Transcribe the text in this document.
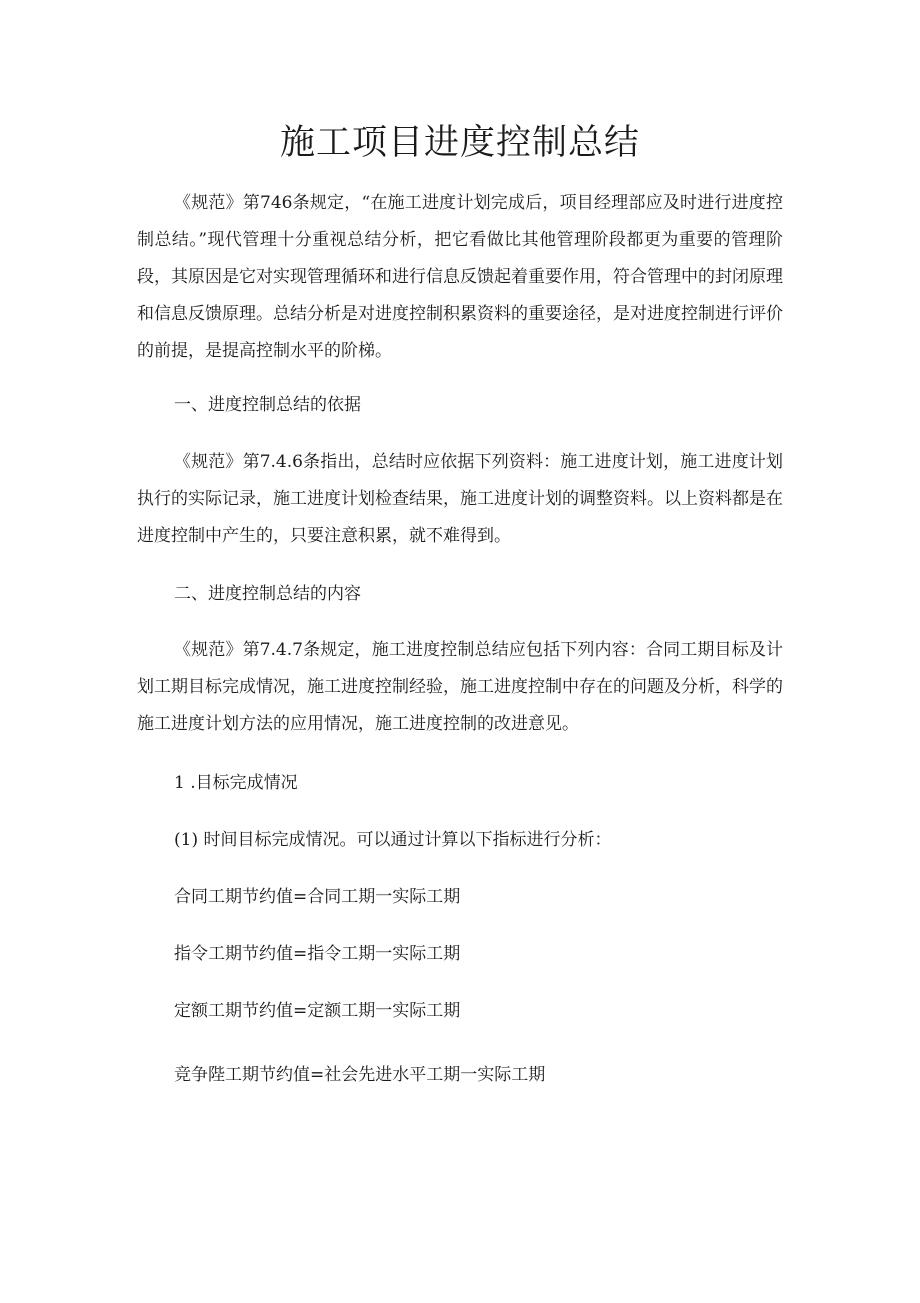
施工项目进度控制总结

《规范》第746条规定，“在施工进度计划完成后，项目经理部应及时进行进度控制总结。”现代管理十分重视总结分析，把它看做比其他管理阶段都更为重要的管理阶段，其原因是它对实现管理循环和进行信息反馈起着重要作用，符合管理中的封闭原理和信息反馈原理。总结分析是对进度控制积累资料的重要途径，是对进度控制进行评价的前提，是提高控制水平的阶梯。

一、进度控制总结的依据

《规范》第7.4.6条指出，总结时应依据下列资料：施工进度计划，施工进度计划执行的实际记录，施工进度计划检查结果，施工进度计划的调整资料。以上资料都是在进度控制中产生的，只要注意积累，就不难得到。

二、进度控制总结的内容

《规范》第7.4.7条规定，施工进度控制总结应包括下列内容：合同工期目标及计划工期目标完成情况，施工进度控制经验，施工进度控制中存在的问题及分析，科学的施工进度计划方法的应用情况，施工进度控制的改进意见。

1 .目标完成情况

(1) 时间目标完成情况。可以通过计算以下指标进行分析：

合同工期节约值=合同工期一实际工期

指令工期节约值=指令工期一实际工期

定额工期节约值=定额工期一实际工期

竞争陛工期节约值=社会先进水平工期一实际工期
